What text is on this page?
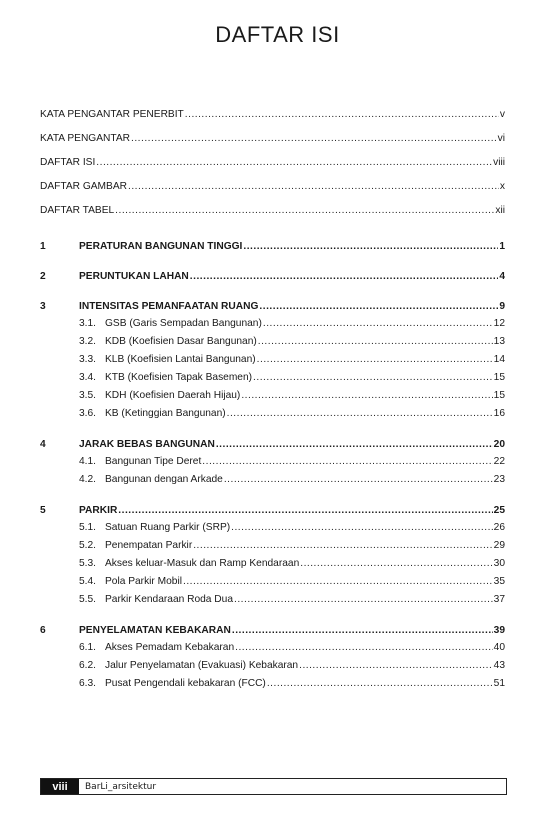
DAFTAR ISI
KATA PENGANTAR PENERBIT .....	v
KATA PENGANTAR .....	vi
DAFTAR ISI .....	viii
DAFTAR GAMBAR .....	x
DAFTAR TABEL .....	xii
1	PERATURAN BANGUNAN TINGGI .....	1
2	PERUNTUKAN LAHAN .....	4
3	INTENSITAS PEMANFAATAN RUANG .....	9
3.1. GSB (Garis Sempadan Bangunan) .....	12
3.2. KDB (Koefisien Dasar Bangunan) .....	13
3.3. KLB (Koefisien Lantai Bangunan) .....	14
3.4. KTB (Koefisien Tapak Basemen) .....	15
3.5. KDH (Koefisien Daerah Hijau) .....	15
3.6. KB (Ketinggian Bangunan) .....	16
4	JARAK BEBAS BANGUNAN .....	20
4.1. Bangunan Tipe Deret .....	22
4.2. Bangunan dengan Arkade .....	23
5	PARKIR .....	25
5.1. Satuan Ruang Parkir (SRP) .....	26
5.2. Penempatan Parkir .....	29
5.3. Akses keluar-Masuk dan Ramp Kendaraan .....	30
5.4. Pola Parkir Mobil .....	35
5.5. Parkir Kendaraan Roda Dua .....	37
6	PENYELAMATAN KEBAKARAN .....	39
6.1. Akses Pemadam Kebakaran .....	40
6.2. Jalur Penyelamatan (Evakuasi) Kebakaran .....	43
6.3. Pusat Pengendali kebakaran (FCC) .....	51
viii	BarLi_arsitektur
